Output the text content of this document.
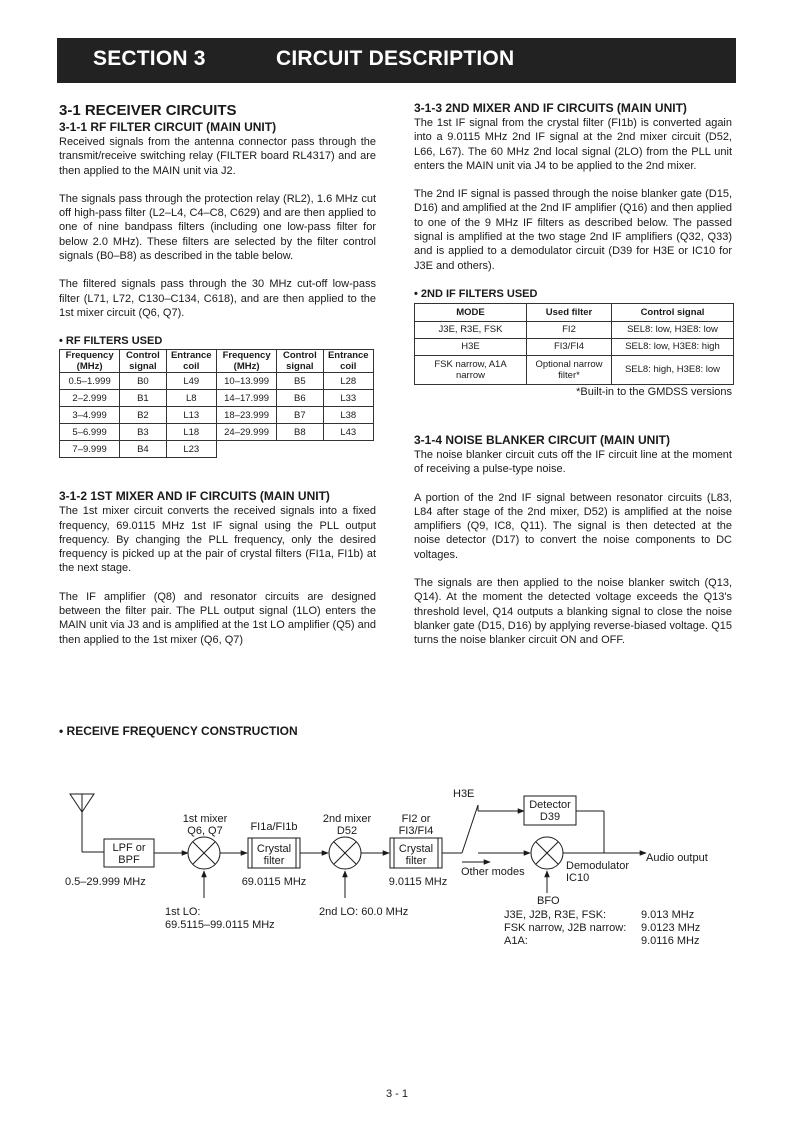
SECTION 3	CIRCUIT DESCRIPTION
3-1 RECEIVER CIRCUITS
3-1-1 RF FILTER CIRCUIT (MAIN UNIT)

Received signals from the antenna connector pass through the transmit/receive switching relay (FILTER board RL4317) and are then applied to the MAIN unit via J2.

The signals pass through the protection relay (RL2), 1.6 MHz cut off high-pass filter (L2–L4, C4–C8, C629) and are then applied to one of nine bandpass filters (including one low-pass filter for below 2.0 MHz). These filters are selected by the filter control signals (B0–B8) as described in the table below.

The filtered signals pass through the 30 MHz cut-off low-pass filter (L71, L72, C130–C134, C618), and are then applied to the 1st mixer circuit (Q6, Q7).

• RF FILTERS USED
Frequency (MHz)	Control signal	Entrance coil	Frequency (MHz)	Control signal	Entrance coil
0.5–1.999	B0	L49	10–13.999	B5	L28
2–2.999	B1	L8	14–17.999	B6	L33
3–4.999	B2	L13	18–23.999	B7	L38
5–6.999	B3	L18	24–29.999	B8	L43
7–9.999	B4	L23			
3-1-2 1ST MIXER AND IF CIRCUITS (MAIN UNIT)

The 1st mixer circuit converts the received signals into a fixed frequency, 69.0115 MHz 1st IF signal using the PLL output frequency. By changing the PLL frequency, only the desired frequency is picked up at the pair of crystal filters (FI1a, FI1b) at the next stage.

The IF amplifier (Q8) and resonator circuits are designed between the filter pair. The PLL output signal (1LO) enters the MAIN unit via J3 and is amplified at the 1st LO amplifier (Q5) and then applied to the 1st mixer (Q6, Q7)

3-1-3 2ND MIXER AND IF CIRCUITS (MAIN UNIT)

The 1st IF signal from the crystal filter (FI1b) is converted again into a 9.0115 MHz 2nd IF signal at the 2nd mixer circuit (D52, L66, L67). The 60 MHz 2nd local signal (2LO) from the PLL unit enters the MAIN unit via J4 to be applied to the 2nd mixer.

The 2nd IF signal is passed through the noise blanker gate (D15, D16) and amplified at the 2nd IF amplifier (Q16) and then applied to one of the 9 MHz IF filters as described below. The passed signal is amplified at the two stage 2nd IF amplifiers (Q32, Q33) and is applied to a demodulator circuit (D39 for H3E or IC10 for J3E and others).

• 2ND IF FILTERS USED
MODE	Used filter	Control signal
J3E, R3E, FSK	FI2	SEL8: low, H3E8: low
H3E	FI3/FI4	SEL8: low, H3E8: high
FSK narrow, A1A narrow	Optional narrow filter*	SEL8: high, H3E8: low
*Built-in to the GMDSS versions
3-1-4 NOISE BLANKER CIRCUIT (MAIN UNIT)

The noise blanker circuit cuts off the IF circuit line at the moment of receiving a pulse-type noise.

A portion of the 2nd IF signal between resonator circuits (L83, L84 after stage of the 2nd mixer, D52) is amplified at the noise amplifiers (Q9, IC8, Q11). The signal is then detected at the noise detector (D17) to convert the noise components to DC voltages.

The signals are then applied to the noise blanker switch (Q13, Q14). At the moment the detected voltage exceeds the Q13's threshold level, Q14 outputs a blanking signal to close the noise blanker gate (D15, D16) by applying reverse-biased voltage. Q15 turns the noise blanker circuit ON and OFF.

• RECEIVE FREQUENCY CONSTRUCTION
LPF or
BPF
0.5–29.999 MHz
1st mixer
Q6, Q7	FI1a/FI1b
Crystal
filter
69.0115 MHz
1st LO:
69.5115–99.0115 MHz
2nd mixer
D52
2nd LO: 60.0 MHz
FI2 or
FI3/FI4
Crystal
filter
9.0115 MHz
H3E
Other modes
Detector
D39
Demodulator
IC10
Audio output
BFO
J3E, J2B, R3E, FSK:	9.013 MHz
FSK narrow, J2B narrow: 9.0123 MHz
A1A:	9.0116 MHz
3 - 1
